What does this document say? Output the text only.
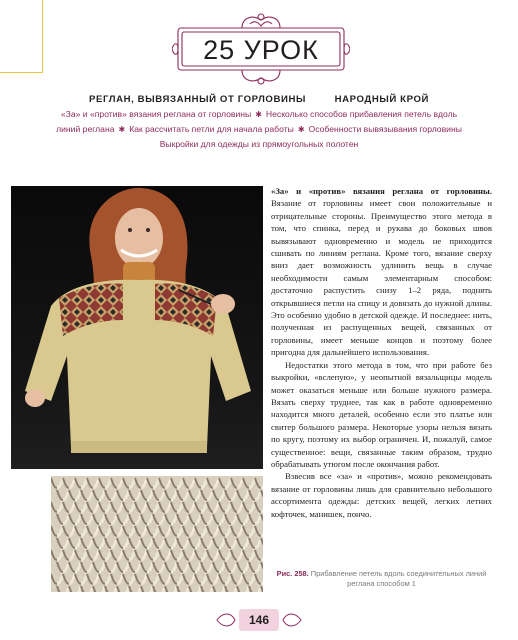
25 УРОК
РЕГЛАН, ВЫВЯЗАННЫЙ ОТ ГОРЛОВИНЫ	НАРОДНЫЙ КРОЙ
«За» и «против» вязания реглана от горловины ✱ Несколько способов прибавления петель вдоль
линий реглана ✱ Как рассчитать петли для начала работы ✱ Особенности вывязывания горловины
Выкройки для одежды из прямоугольных полотен

«За» и «против» вязания реглана от горловины. Вязание от горловины имеет свои положительные и отрицательные стороны. Преимущество этого метода в том, что спинка, перед и рукава до боковых швов вывязывают одновременно и модель не приходится сшивать по линиям реглана. Кроме того, вязание сверху вниз дает возможность удлинить вещь в случае необходимости самым элементарным способом: достаточно распустить снизу 1–2 ряда, поднять открывшиеся петли на спицу и довязать до нужной длины. Это особенно удобно в детской одежде. И последнее: нить, полученная из распущенных вещей, связанных от горловины, имеет меньше концов и поэтому более пригодна для дальнейшего использования.

Недостатки этого метода в том, что при работе без выкройки, «вслепую», у неопытной вязальщицы модель может оказаться меньше или больше нужного размера. Вязать сверху труднее, так как в работе одновременно находится много деталей, особенно если это платье или свитер большого размера. Некоторые узоры нельзя вязать по кругу, поэтому их выбор ограничен. И, пожалуй, самое существенное: вещи, связанные таким образом, трудно обрабатывать утюгом после окончания работ.

Взвесив все «за» и «против», можно рекомендовать вязание от горловины лишь для сравнительно небольшого ассортимента одежды: детских вещей, легких летних кофточек, манишек, пончо.

Рис. 258. Прибавление петель вдоль соединительных линий реглана способом 1
146
